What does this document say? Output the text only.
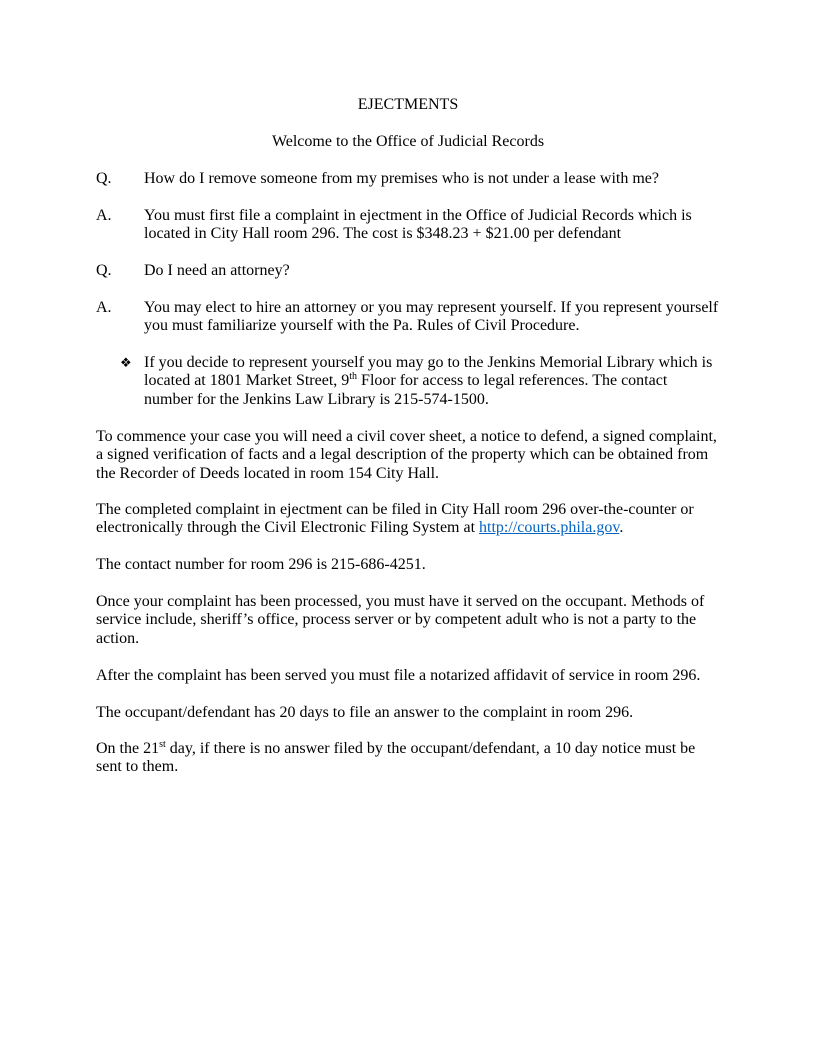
EJECTMENTS

Welcome to the Office of Judicial Records

Q. How do I remove someone from my premises who is not under a lease with me?
A. You must first file a complaint in ejectment in the Office of Judicial Records which is located in City Hall room 296. The cost is $348.23 + $21.00 per defendant
Q. Do I need an attorney?
A. You may elect to hire an attorney or you may represent yourself. If you represent yourself you must familiarize yourself with the Pa. Rules of Civil Procedure.
❖ If you decide to represent yourself you may go to the Jenkins Memorial Library which is located at 1801 Market Street, 9th Floor for access to legal references. The contact number for the Jenkins Law Library is 215-574-1500.

To commence your case you will need a civil cover sheet, a notice to defend, a signed complaint, a signed verification of facts and a legal description of the property which can be obtained from the Recorder of Deeds located in room 154 City Hall.

The completed complaint in ejectment can be filed in City Hall room 296 over-the-counter or electronically through the Civil Electronic Filing System at http://courts.phila.gov.

The contact number for room 296 is 215-686-4251.

Once your complaint has been processed, you must have it served on the occupant. Methods of service include, sheriff’s office, process server or by competent adult who is not a party to the action.

After the complaint has been served you must file a notarized affidavit of service in room 296.

The occupant/defendant has 20 days to file an answer to the complaint in room 296.

On the 21st day, if there is no answer filed by the occupant/defendant, a 10 day notice must be sent to them.
